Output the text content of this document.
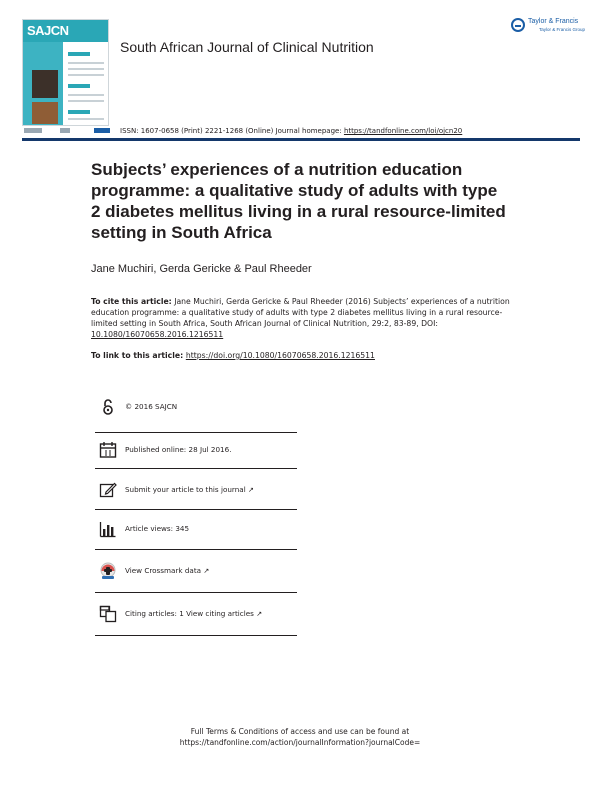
SAJCN
South African Journal of Clinical Nutrition
Taylor & Francis
Taylor & Francis Group
ISSN: 1607-0658 (Print) 2221-1268 (Online) Journal homepage: https://tandfonline.com/loi/ojcn20
Subjects’ experiences of a nutrition education programme: a qualitative study of adults with type 2 diabetes mellitus living in a rural resource-limited setting in South Africa
Jane Muchiri, Gerda Gericke & Paul Rheeder
To cite this article: Jane Muchiri, Gerda Gericke & Paul Rheeder (2016) Subjects’ experiences of a nutrition education programme: a qualitative study of adults with type 2 diabetes mellitus living in a rural resource-limited setting in South Africa, South African Journal of Clinical Nutrition, 29:2, 83-89, DOI: 10.1080/16070658.2016.1216511
To link to this article: https://doi.org/10.1080/16070658.2016.1216511
© 2016 SAJCN
Published online: 28 Jul 2016.
Submit your article to this journal ↗
Article views: 345
View Crossmark data ↗
Citing articles: 1 View citing articles ↗
Full Terms & Conditions of access and use can be found at
https://tandfonline.com/action/journalInformation?journalCode=
